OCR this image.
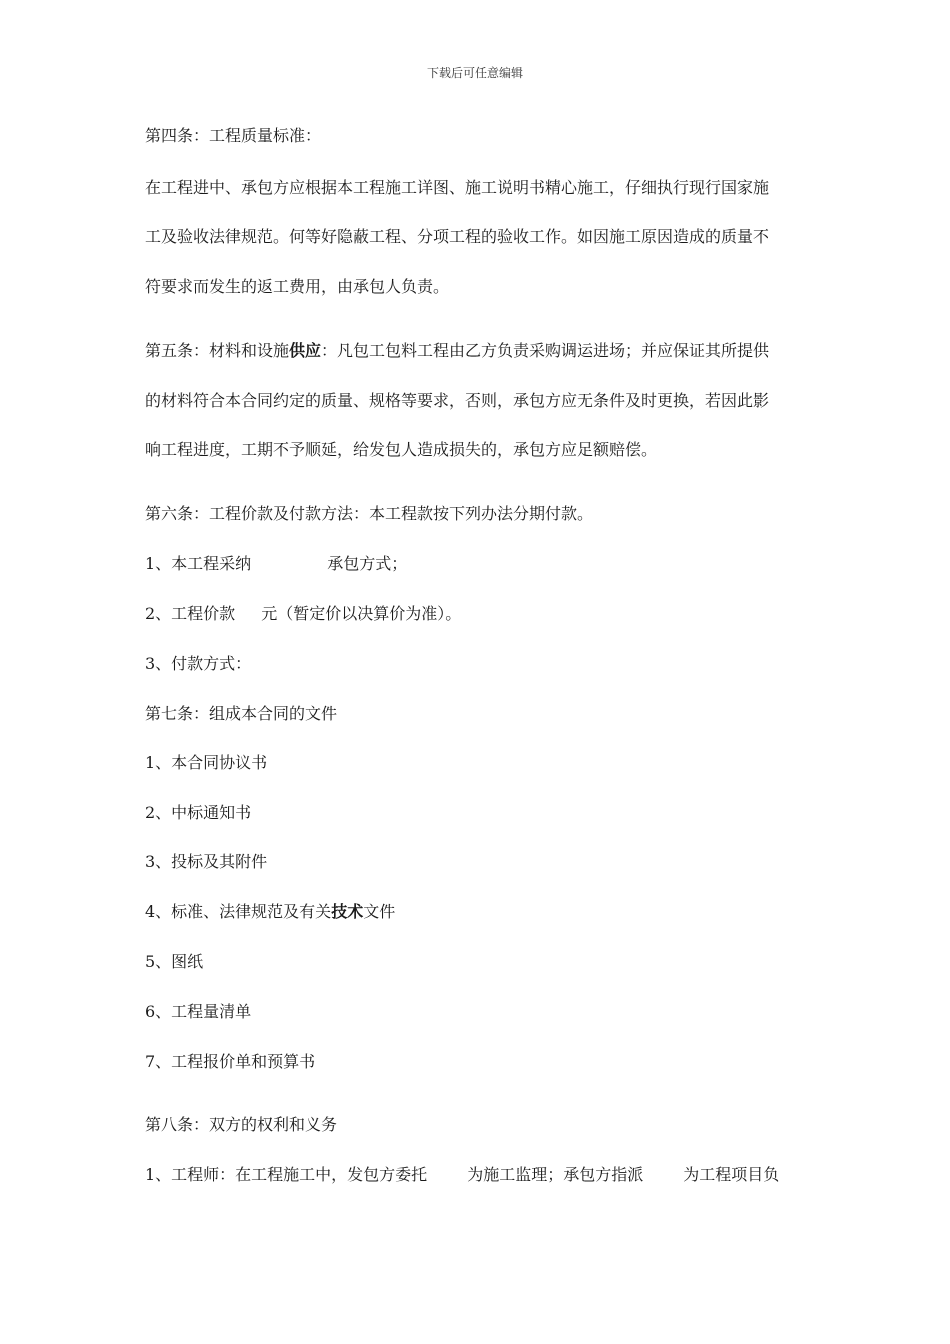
下载后可任意编辑
第四条：工程质量标准：
在工程进中、承包方应根据本工程施工详图、施工说明书精心施工，仔细执行现行国家施
工及验收法律规范。何等好隐蔽工程、分项工程的验收工作。如因施工原因造成的质量不
符要求而发生的返工费用，由承包人负责。
第五条：材料和设施供应：凡包工包料工程由乙方负责采购调运进场；并应保证其所提供
的材料符合本合同约定的质量、规格等要求，否则，承包方应无条件及时更换，若因此影
响工程进度，工期不予顺延，给发包人造成损失的，承包方应足额赔偿。
第六条：工程价款及付款方法：本工程款按下列办法分期付款。
1、本工程采纳	承包方式；
2、工程价款 元（暂定价以决算价为准）。
3、付款方式：
第七条：组成本合同的文件
1、本合同协议书
2、中标通知书
3、投标及其附件
4、标准、法律规范及有关技术文件
5、图纸
6、工程量清单
7、工程报价单和预算书
第八条：双方的权利和义务
1、工程师：在工程施工中，发包方委托	为施工监理；承包方指派	为工程项目负
